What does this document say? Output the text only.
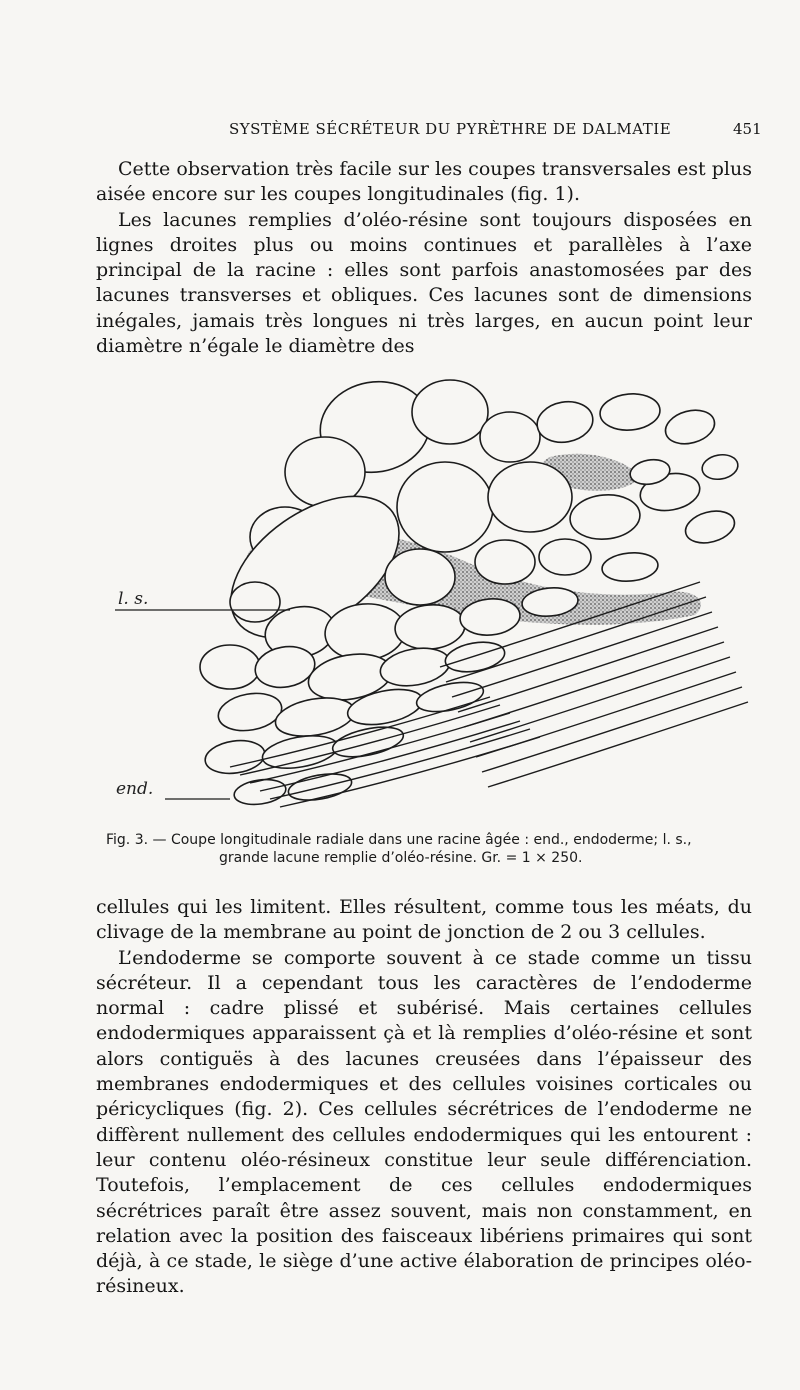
SYSTÈME SÉCRÉTEUR DU PYRÈTHRE DE DALMATIE	451

Cette observation très facile sur les coupes transversales est plus aisée encore sur les coupes longitudinales (fig. 1).

Les lacunes remplies d’oléo-résine sont toujours disposées en lignes droites plus ou moins continues et parallèles à l’axe principal de la racine : elles sont parfois anastomosées par des lacunes transverses et obliques. Ces lacunes sont de dimensions inégales, jamais très longues ni très larges, en aucun point leur diamètre n’égale le diamètre des

l. s.
end.
Fig. 3. — Coupe longitudinale radiale dans une racine âgée : end., endoderme; l. s.,
grande lacune remplie d’oléo-résine. Gr. = 1 × 250.

cellules qui les limitent. Elles résultent, comme tous les méats, du clivage de la membrane au point de jonction de 2 ou 3 cellules.

L’endoderme se comporte souvent à ce stade comme un tissu sécréteur. Il a cependant tous les caractères de l’endoderme normal : cadre plissé et subérisé. Mais certaines cellules endodermiques apparaissent çà et là remplies d’oléo-résine et sont alors contiguës à des lacunes creusées dans l’épaisseur des membranes endodermiques et des cellules voisines corticales ou péricycliques (fig. 2). Ces cellules sécrétrices de l’endoderme ne diffèrent nullement des cellules endodermiques qui les entourent : leur contenu oléo-résineux constitue leur seule différenciation. Toutefois, l’emplacement de ces cellules endodermiques sécrétrices paraît être assez souvent, mais non constamment, en relation avec la position des faisceaux libériens primaires qui sont déjà, à ce stade, le siège d’une active élaboration de principes oléo-résineux.
